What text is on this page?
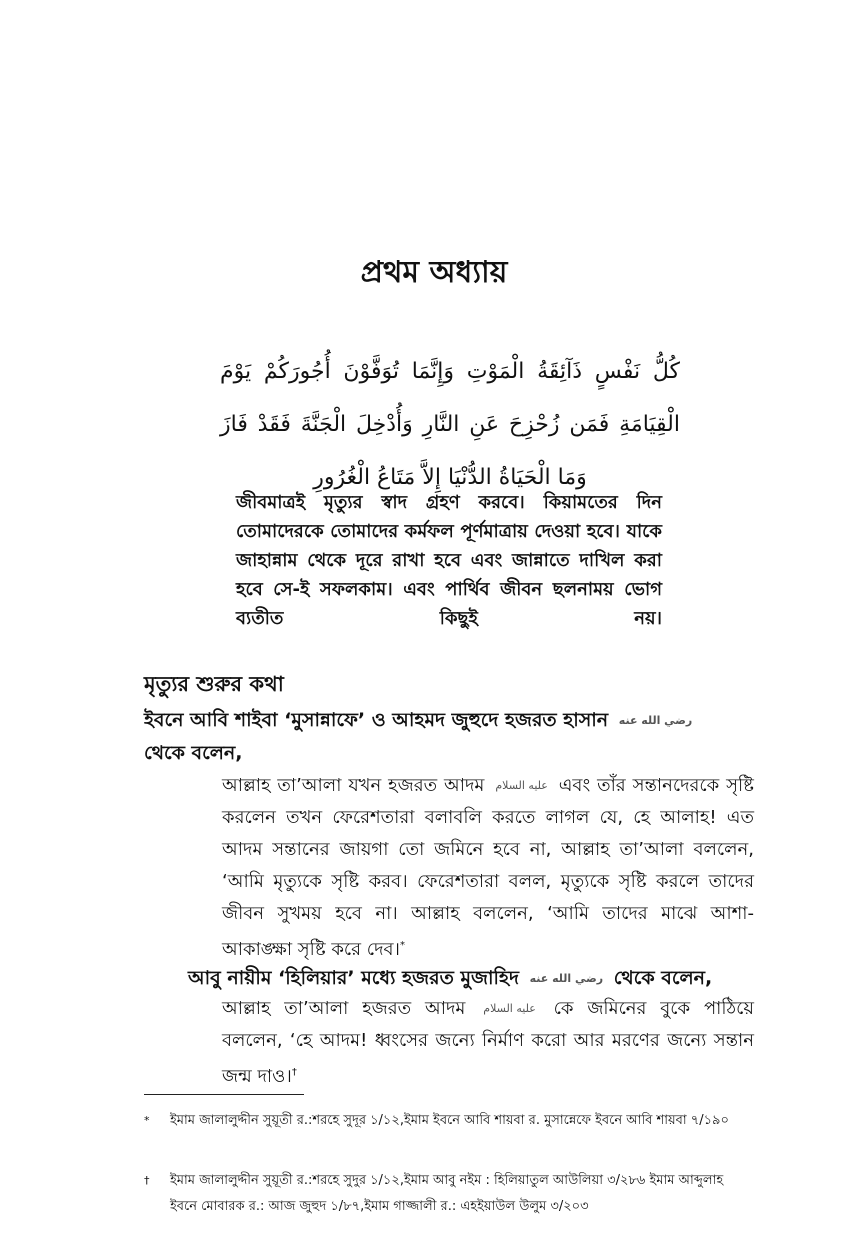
প্রথম অধ্যায়
كُلُّ نَفْسٍ ذَآئِقَةُ الْمَوْتِ وَإِنَّمَا تُوَفَّوْنَ أُجُورَكُمْ يَوْمَ الْقِيَامَةِ فَمَن زُحْزِحَ عَنِ النَّارِ وَأُدْخِلَ الْجَنَّةَ فَقَدْ فَازَ وَمَا الْحَيَاةُ الدُّنْيَا إِلاَّ مَتَاعُ الْغُرُورِ
জীবমাত্রই মৃত্যুর স্বাদ গ্রহণ করবে। কিয়ামতের দিন তোমাদেরকে তোমাদের কর্মফল পূর্ণমাত্রায় দেওয়া হবে। যাকে জাহান্নাম থেকে দূরে রাখা হবে এবং জান্নাতে দাখিল করা হবে সে-ই সফলকাম। এবং পার্থিব জীবন ছলনাময় ভোগ ব্যতীত কিছুই নয়।
মৃত্যুর শুরুর কথা
ইবনে আবি শাইবা ‘মুসান্নাফে’ ও আহমদ জুহুদে হজরত হাসান رضي الله عنه
থেকে বলেন,
আল্লাহ তা’আলা যখন হজরত আদম عليه السلام এবং তাঁর সন্তানদেরকে সৃষ্টি করলেন তখন ফেরেশতারা বলাবলি করতে লাগল যে, হে আলাহ! এত আদম সন্তানের জায়গা তো জমিনে হবে না, আল্লাহ তা’আলা বললেন, ‘আমি মৃত্যুকে সৃষ্টি করব। ফেরেশতারা বলল, মৃত্যুকে সৃষ্টি করলে তাদের জীবন সুখময় হবে না। আল্লাহ বললেন, ‘আমি তাদের মাঝে আশা-আকাঙ্ক্ষা সৃষ্টি করে দেব।*
আবু নায়ীম ‘হিলিয়ার’ মধ্যে হজরত মুজাহিদ رضي الله عنه থেকে বলেন,
আল্লাহ তা’আলা হজরত আদম عليه السلام কে জমিনের বুকে পাঠিয়ে বললেন, ‘হে আদম! ধ্বংসের জন্যে নির্মাণ করো আর মরণের জন্যে সন্তান জন্ম দাও।†
* ইমাম জালালুদ্দীন সুয়ূতী র.:শরহে সুদূর ১/১২,ইমাম ইবনে আবি শায়বা র. মুসান্নেফে ইবনে আবি শায়বা ৭/১৯০
† ইমাম জালালুদ্দীন সুয়ূতী র.:শরহে সুদুর ১/১২,ইমাম আবু নইম : হিলিয়াতুল আউলিয়া ৩/২৮৬ ইমাম আব্দুলাহ ইবনে মোবারক র.: আজ জুহুদ ১/৮৭,ইমাম গাজ্জালী র.: এহইয়াউল উলুম ৩/২০৩
